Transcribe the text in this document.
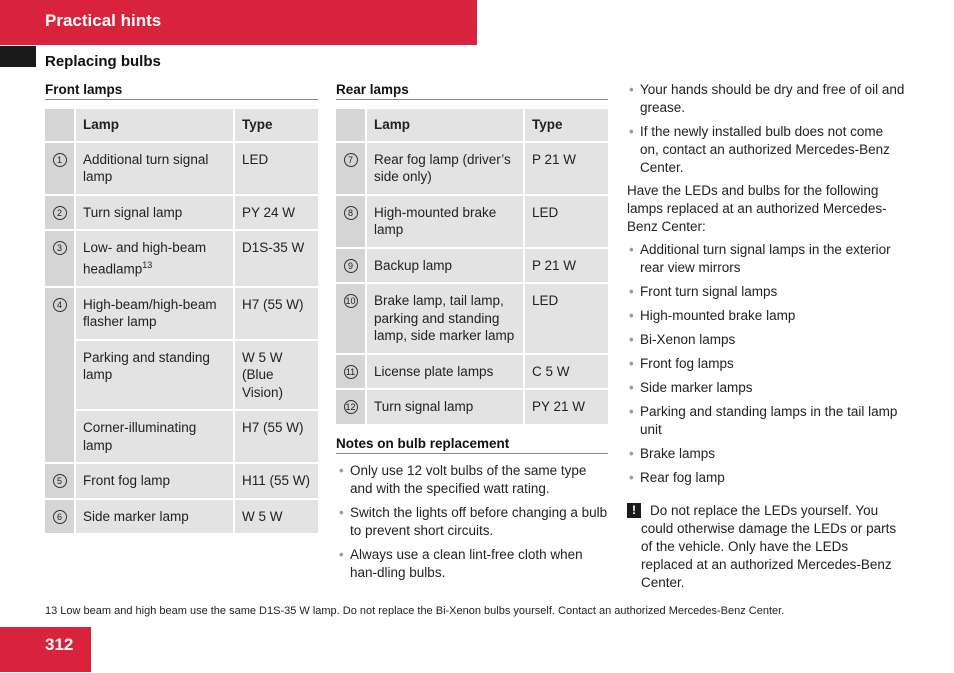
Practical hints
Replacing bulbs
Front lamps
	Lamp	Type
1	Additional turn signal lamp	LED
2	Turn signal lamp	PY 24 W
3	Low- and high-beam headlamp$^{13}$	D1S-35 W
4	High-beam/high-beam flasher lamp	H7 (55 W)
	Parking and standing lamp	W 5 W (Blue Vision)
	Corner-illuminating lamp	H7 (55 W)
5	Front fog lamp	H11 (55 W)
6	Side marker lamp	W 5 W
Rear lamps
	Lamp	Type
7	Rear fog lamp (driver’s side only)	P 21 W
8	High-mounted brake lamp	LED
9	Backup lamp	P 21 W
10	Brake lamp, tail lamp, parking and standing lamp, side marker lamp	LED
11	License plate lamps	C 5 W
12	Turn signal lamp	PY 21 W
Notes on bulb replacement
• Only use 12 volt bulbs of the same type and with the specified watt rating.
• Switch the lights off before changing a bulb to prevent short circuits.
• Always use a clean lint-free cloth when han-dling bulbs.
• Your hands should be dry and free of oil and grease.
• If the newly installed bulb does not come on, contact an authorized Mercedes-Benz Center.
Have the LEDs and bulbs for the following lamps replaced at an authorized Mercedes-Benz Center:
• Additional turn signal lamps in the exterior rear view mirrors
• Front turn signal lamps
• High-mounted brake lamp
• Bi-Xenon lamps
• Front fog lamps
• Side marker lamps
• Parking and standing lamps in the tail lamp unit
• Brake lamps
• Rear fog lamp
!	Do not replace the LEDs yourself. You could otherwise damage the LEDs or parts of the vehicle. Only have the LEDs replaced at an authorized Mercedes-Benz Center.
13 Low beam and high beam use the same D1S-35 W lamp. Do not replace the Bi-Xenon bulbs yourself. Contact an authorized Mercedes-Benz Center.
312
